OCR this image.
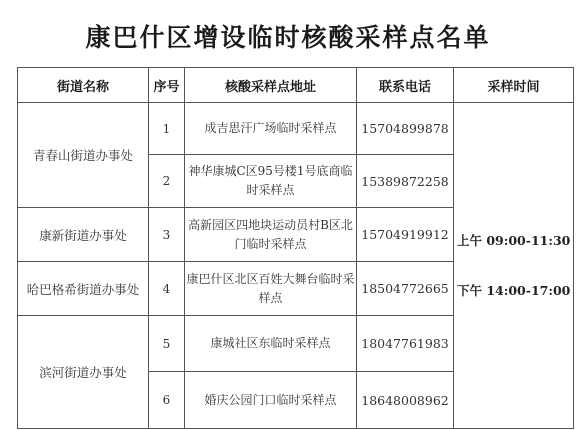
康巴什区增设临时核酸采样点名单
街道名称	序号	核酸采样点地址	联系电话	采样时间
青春山街道办事处	1	成吉思汗广场临时采样点	15704899878	上午 09:00-11:30
下午 14:00-17:00

	2	神华康城C区95号楼1号底商临时采样点	15389872258	
康新街道办事处	3	高新园区四地块运动员村B区北门临时采样点	15704919912	
哈巴格希街道办事处	4	康巴什区北区百姓大舞台临时采样点	18504772665	
滨河街道办事处	5	康城社区东临时采样点	18047761983	
	6	婚庆公园门口临时采样点	18648008962	
